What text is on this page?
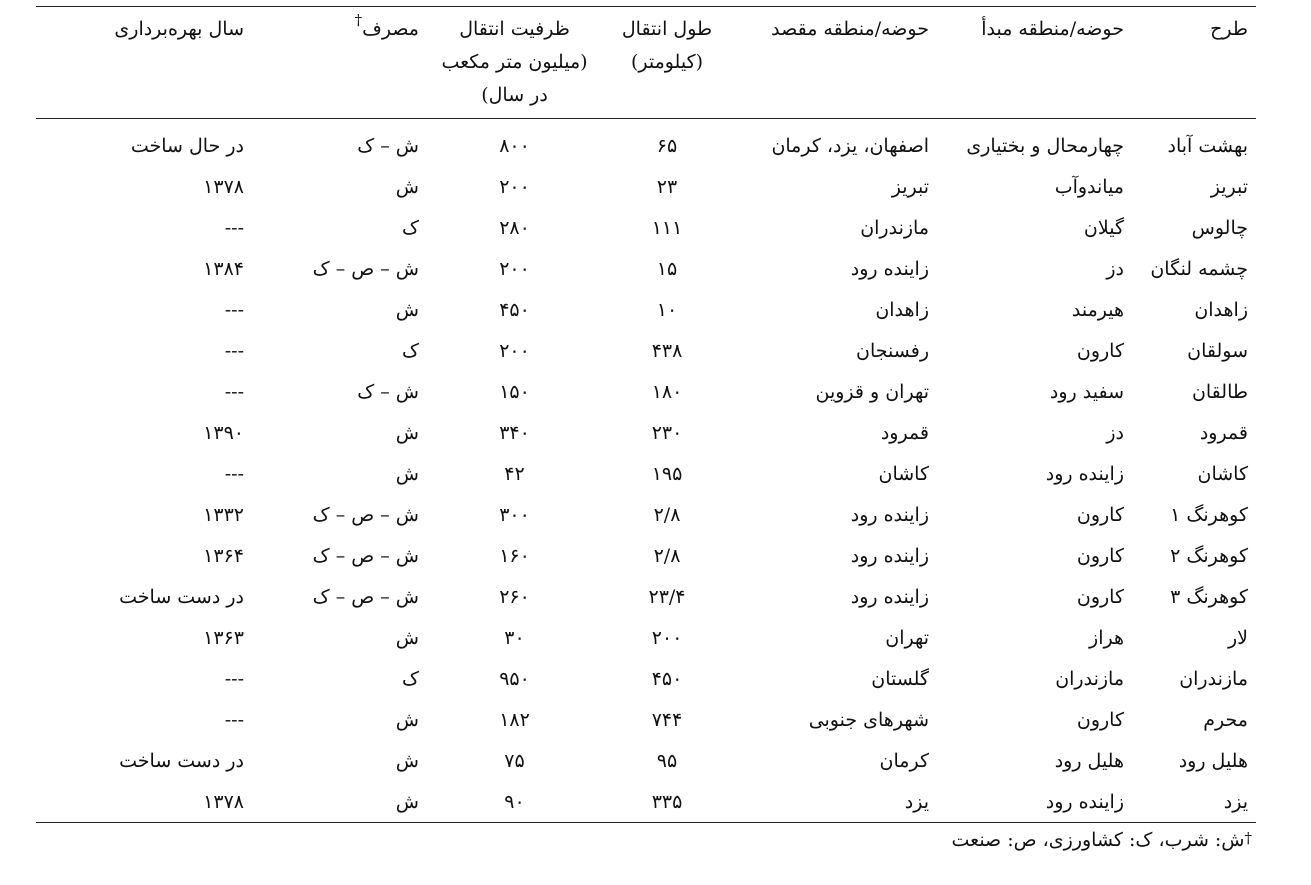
طرح	حوضه/منطقه مبدأ	حوضه/منطقه مقصد	طول انتقال (کیلومتر)	ظرفیت انتقال (میلیون متر مکعب در سال)	مصرف†	سال بهره‌برداری
بهشت آباد	چهارمحال و بختیاری	اصفهان، یزد، کرمان	۶۵	۸۰۰	ش – ک	در حال ساخت
تبریز	میاندوآب	تبریز	۲۳	۲۰۰	ش	۱۳۷۸
چالوس	گیلان	مازندران	۱۱۱	۲۸۰	ک	---
چشمه لنگان	دز	زاینده رود	۱۵	۲۰۰	ش – ص – ک	۱۳۸۴
زاهدان	هیرمند	زاهدان	۱۰	۴۵۰	ش	---
سولقان	کارون	رفسنجان	۴۳۸	۲۰۰	ک	---
طالقان	سفید رود	تهران و قزوین	۱۸۰	۱۵۰	ش – ک	---
قمرود	دز	قمرود	۲۳۰	۳۴۰	ش	۱۳۹۰
کاشان	زاینده رود	کاشان	۱۹۵	۴۲	ش	---
کوهرنگ ۱	کارون	زاینده رود	۲/۸	۳۰۰	ش – ص – ک	۱۳۳۲
کوهرنگ ۲	کارون	زاینده رود	۲/۸	۱۶۰	ش – ص – ک	۱۳۶۴
کوهرنگ ۳	کارون	زاینده رود	۲۳/۴	۲۶۰	ش – ص – ک	در دست ساخت
لار	هراز	تهران	۲۰۰	۳۰	ش	۱۳۶۳
مازندران	مازندران	گلستان	۴۵۰	۹۵۰	ک	---
محرم	کارون	شهرهای جنوبی	۷۴۴	۱۸۲	ش	---
هلیل رود	هلیل رود	کرمان	۹۵	۷۵	ش	در دست ساخت
یزد	زاینده رود	یزد	۳۳۵	۹۰	ش	۱۳۷۸
†ش: شرب، ک: کشاورزی، ص: صنعت
